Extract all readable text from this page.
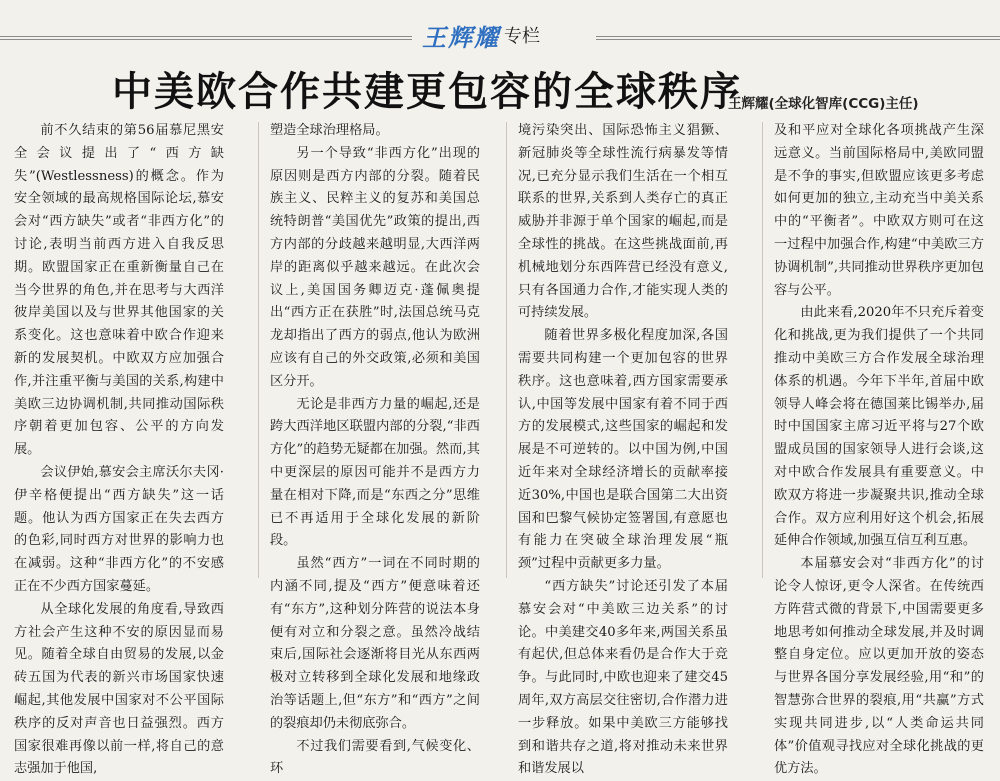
王辉耀 专栏
中美欧合作共建更包容的全球秩序
王辉耀(全球化智库(CCG)主任)

前不久结束的第56届慕尼黑安全会议提出了“西方缺失”(Westlessness)的概念。作为安全领域的最高规格国际论坛,慕安会对“西方缺失”或者“非西方化”的讨论,表明当前西方进入自我反思期。欧盟国家正在重新衡量自己在当今世界的角色,并在思考与大西洋彼岸美国以及与世界其他国家的关系变化。这也意味着中欧合作迎来新的发展契机。中欧双方应加强合作,并注重平衡与美国的关系,构建中美欧三边协调机制,共同推动国际秩序朝着更加包容、公平的方向发展。

会议伊始,慕安会主席沃尔夫冈·伊辛格便提出“西方缺失”这一话题。他认为西方国家正在失去西方的色彩,同时西方对世界的影响力也在减弱。这种“非西方化”的不安感正在不少西方国家蔓延。

从全球化发展的角度看,导致西方社会产生这种不安的原因显而易见。随着全球自由贸易的发展,以金砖五国为代表的新兴市场国家快速崛起,其他发展中国家对不公平国际秩序的反对声音也日益强烈。西方国家很难再像以前一样,将自己的意志强加于他国,

塑造全球治理格局。

另一个导致“非西方化”出现的原因则是西方内部的分裂。随着民族主义、民粹主义的复苏和美国总统特朗普“美国优先”政策的提出,西方内部的分歧越来越明显,大西洋两岸的距离似乎越来越远。在此次会议上,美国国务卿迈克·蓬佩奥提出“西方正在获胜”时,法国总统马克龙却指出了西方的弱点,他认为欧洲应该有自己的外交政策,必须和美国区分开。

无论是非西方力量的崛起,还是跨大西洋地区联盟内部的分裂,“非西方化”的趋势无疑都在加强。然而,其中更深层的原因可能并不是西方力量在相对下降,而是“东西之分”思维已不再适用于全球化发展的新阶段。

虽然“西方”一词在不同时期的内涵不同,提及“西方”便意味着还有“东方”,这种划分阵营的说法本身便有对立和分裂之意。虽然冷战结束后,国际社会逐渐将目光从东西两极对立转移到全球化发展和地缘政治等话题上,但“东方”和“西方”之间的裂痕却仍未彻底弥合。

不过我们需要看到,气候变化、环

境污染突出、国际恐怖主义猖獗、新冠肺炎等全球性流行病暴发等情况,已充分显示我们生活在一个相互联系的世界,关系到人类存亡的真正威胁并非源于单个国家的崛起,而是全球性的挑战。在这些挑战面前,再机械地划分东西阵营已经没有意义,只有各国通力合作,才能实现人类的可持续发展。

随着世界多极化程度加深,各国需要共同构建一个更加包容的世界秩序。这也意味着,西方国家需要承认,中国等发展中国家有着不同于西方的发展模式,这些国家的崛起和发展是不可逆转的。以中国为例,中国近年来对全球经济增长的贡献率接近30%,中国也是联合国第二大出资国和巴黎气候协定签署国,有意愿也有能力在突破全球治理发展“瓶颈”过程中贡献更多力量。

“西方缺失”讨论还引发了本届慕安会对“中美欧三边关系”的讨论。中美建交40多年来,两国关系虽有起伏,但总体来看仍是合作大于竞争。与此同时,中欧也迎来了建交45周年,双方高层交往密切,合作潜力进一步释放。如果中美欧三方能够找到和谐共存之道,将对推动未来世界和谐发展以

及和平应对全球化各项挑战产生深远意义。当前国际格局中,美欧同盟是不争的事实,但欧盟应该更多考虑如何更加的独立,主动充当中美关系中的“平衡者”。中欧双方则可在这一过程中加强合作,构建“中美欧三方协调机制”,共同推动世界秩序更加包容与公平。

由此来看,2020年不只充斥着变化和挑战,更为我们提供了一个共同推动中美欧三方合作发展全球治理体系的机遇。今年下半年,首届中欧领导人峰会将在德国莱比锡举办,届时中国国家主席习近平将与27个欧盟成员国的国家领导人进行会谈,这对中欧合作发展具有重要意义。中欧双方将进一步凝聚共识,推动全球合作。双方应利用好这个机会,拓展延伸合作领域,加强互信互利互惠。

本届慕安会对“非西方化”的讨论令人惊讶,更令人深省。在传统西方阵营式微的背景下,中国需要更多地思考如何推动全球发展,并及时调整自身定位。应以更加开放的姿态与世界各国分享发展经验,用“和”的智慧弥合世界的裂痕,用“共赢”方式实现共同进步,以“人类命运共同体”价值观寻找应对全球化挑战的更优方法。
